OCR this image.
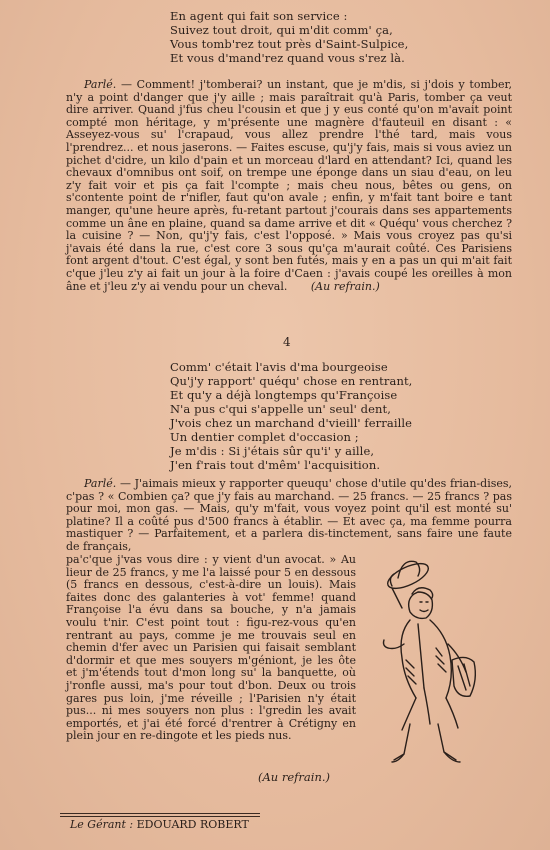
En agent qui fait son service :
Suivez tout droit, qui m'dit comm' ça,
Vous tomb'rez tout près d'Saint-Sulpice,
Et vous d'mand'rez quand vous s'rez là.
Parlé. — Comment! j'tomberai? un instant, que je m'dis, si j'dois y tomber, n'y a point d'danger que j'y aille ; mais paraîtrait qu'à Paris, tomber ça veut dire arriver. Quand j'fus cheu l'cousin et que j y eus conté qu'on m'avait point compté mon héritage, y m'présente une magnère d'fauteuil en disant : « Asseyez-vous su' l'crapaud, vous allez prendre l'thé tard, mais vous l'prendrez... et nous jaserons. — Faites escuse, qu'j'y fais, mais si vous aviez un pichet d'cidre, un kilo d'pain et un morceau d'lard en attendant? Ici, quand les chevaux d'omnibus ont soif, on trempe une éponge dans un siau d'eau, on leu z'y fait voir et pis ça fait l'compte ; mais cheu nous, bêtes ou gens, on s'contente point de r'nifler, faut qu'on avale ; enfin, y m'fait tant boire e tant manger, qu'une heure après, fu-retant partout j'courais dans ses appartements comme un âne en plaine, quand sa dame arrive et dit « Quéqu' vous cherchez ? la cuisine ? — Non, qu'j'y fais, c'est l'opposé. » Mais vous croyez pas qu'si j'avais été dans la rue, c'est core 3 sous qu'ça m'aurait coûté. Ces Parisiens font argent d'tout. C'est égal, y sont ben futés, mais y en a pas un qui m'ait fait c'que j'leu z'y ai fait un jour à la foire d'Caen : j'avais coupé les oreilles à mon âne et j'leu z'y ai vendu pour un cheval. (Au refrain.)
4
Comm' c'était l'avis d'ma bourgeoise
Qu'j'y rapport' quéqu' chose en rentrant,
Et qu'y a déjà longtemps qu'Françoise
N'a pus c'qui s'appelle un' seul' dent,
J'vois chez un marchand d'vieill' ferraille
Un dentier complet d'occasion ;
Je m'dis : Si j'étais sûr qu'i' y aille,
J'en f'rais tout d'mêm' l'acquisition.
Parlé. — J'aimais mieux y rapporter queuqu' chose d'utile qu'des frian-dises, c'pas ? « Combien ça? que j'y fais au marchand. — 25 francs. — 25 francs ? pas pour moi, mon gas. — Mais, qu'y m'fait, vous voyez point qu'il est monté su' platine? Il a coûté pus d'500 francs à établir. — Et avec ça, ma femme pourra mastiquer ? — Parfaitement, et a parlera dis-tinctement, sans faire une faute de français,
pa'c'que j'vas vous dire : y vient d'un avocat. » Au lieur de 25 francs, y me l'a laissé pour 5 en dessous (5 francs en dessous, c'est-à-dire un louis). Mais faites donc des galanteries à vot' femme! quand Françoise l'a évu dans sa bouche, y n'a jamais voulu t'nir. C'est point tout : figu-rez-vous qu'en rentrant au pays, comme je me trouvais seul en chemin d'fer avec un Parisien qui faisait semblant d'dormir et que mes souyers m'géniont, je les ôte et j'm'étends tout d'mon long su' la banquette, où j'ronfle aussi, ma's pour tout d'bon. Deux ou trois gares pus loin, j'me réveille ; l'Parisien n'y était pus... ni mes souyers non plus : l'gredin les avait emportés, et j'ai été forcé d'rentrer à Crétigny en plein jour en re-dingote et les pieds nus.
(Au refrain.)
Le Gérant : EDOUARD ROBERT
